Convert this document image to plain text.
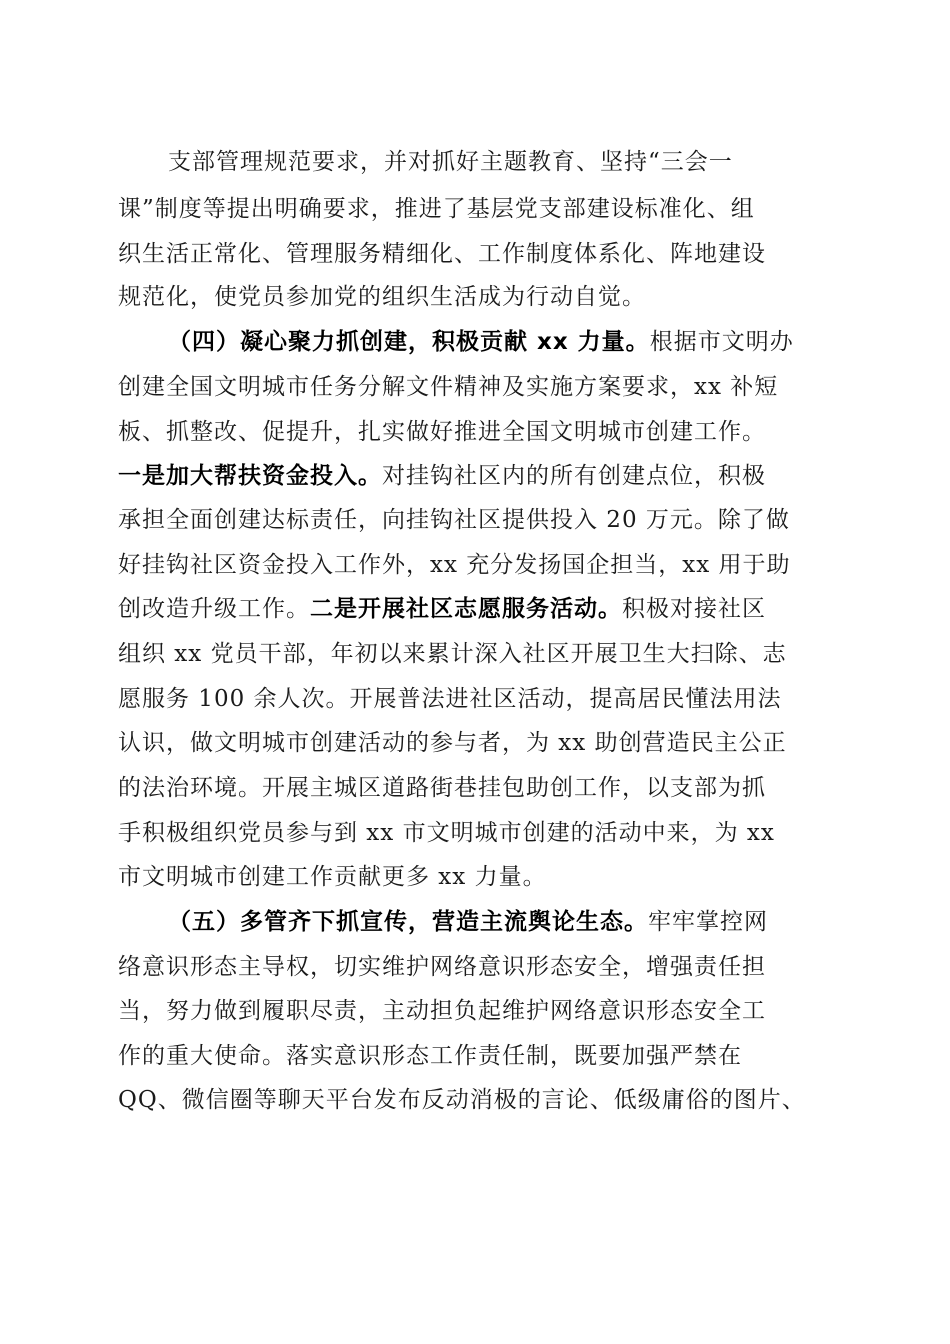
支部管理规范要求，并对抓好主题教育、坚持“三会一
课”制度等提出明确要求，推进了基层党支部建设标准化、组
织生活正常化、管理服务精细化、工作制度体系化、阵地建设
规范化，使党员参加党的组织生活成为行动自觉。
（四）凝心聚力抓创建，积极贡献 xx 力量。根据市文明办
创建全国文明城市任务分解文件精神及实施方案要求，xx 补短
板、抓整改、促提升，扎实做好推进全国文明城市创建工作。
一是加大帮扶资金投入。对挂钩社区内的所有创建点位，积极
承担全面创建达标责任，向挂钩社区提供投入 20 万元。除了做
好挂钩社区资金投入工作外，xx 充分发扬国企担当，xx 用于助
创改造升级工作。二是开展社区志愿服务活动。积极对接社区
组织 xx 党员干部，年初以来累计深入社区开展卫生大扫除、志
愿服务 100 余人次。开展普法进社区活动，提高居民懂法用法
认识，做文明城市创建活动的参与者，为 xx 助创营造民主公正
的法治环境。开展主城区道路街巷挂包助创工作，以支部为抓
手积极组织党员参与到 xx 市文明城市创建的活动中来，为 xx
市文明城市创建工作贡献更多 xx 力量。
（五）多管齐下抓宣传，营造主流舆论生态。牢牢掌控网
络意识形态主导权，切实维护网络意识形态安全，增强责任担
当，努力做到履职尽责，主动担负起维护网络意识形态安全工
作的重大使命。落实意识形态工作责任制，既要加强严禁在
QQ、微信圈等聊天平台发布反动消极的言论、低级庸俗的图片、
